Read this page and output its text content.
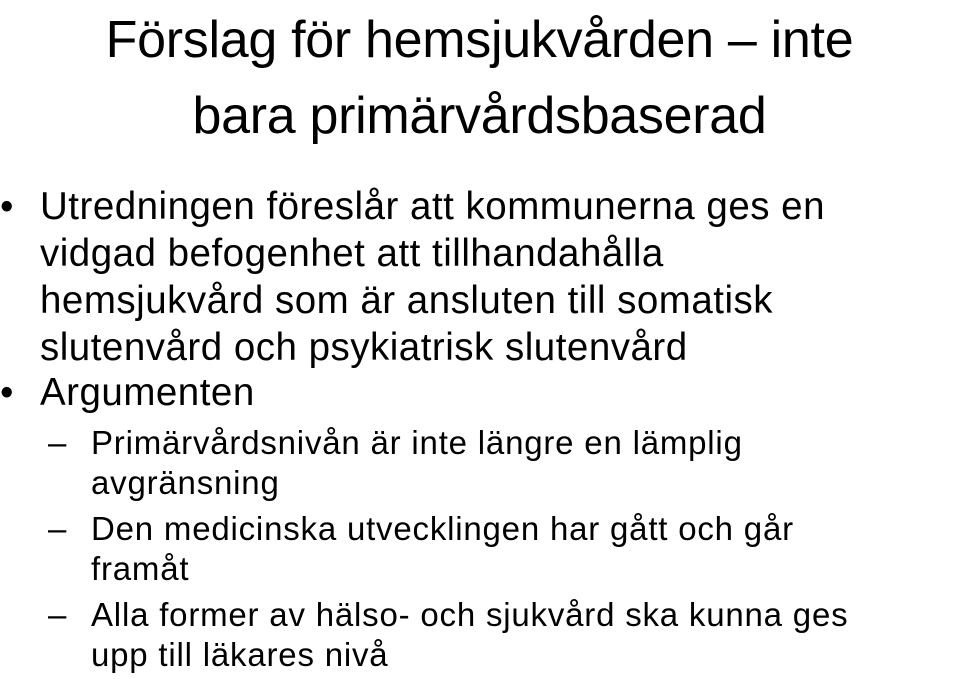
Förslag för hemsjukvården – inte
bara primärvårdsbaserad
• Utredningen föreslår att kommunerna ges en
vidgad befogenhet att tillhandahålla
hemsjukvård som är ansluten till somatisk
slutenvård och psykiatrisk slutenvård
• Argumenten
– Primärvårdsnivån är inte längre en lämplig
avgränsning
– Den medicinska utvecklingen har gått och går
framåt
– Alla former av hälso- och sjukvård ska kunna ges
upp till läkares nivå
